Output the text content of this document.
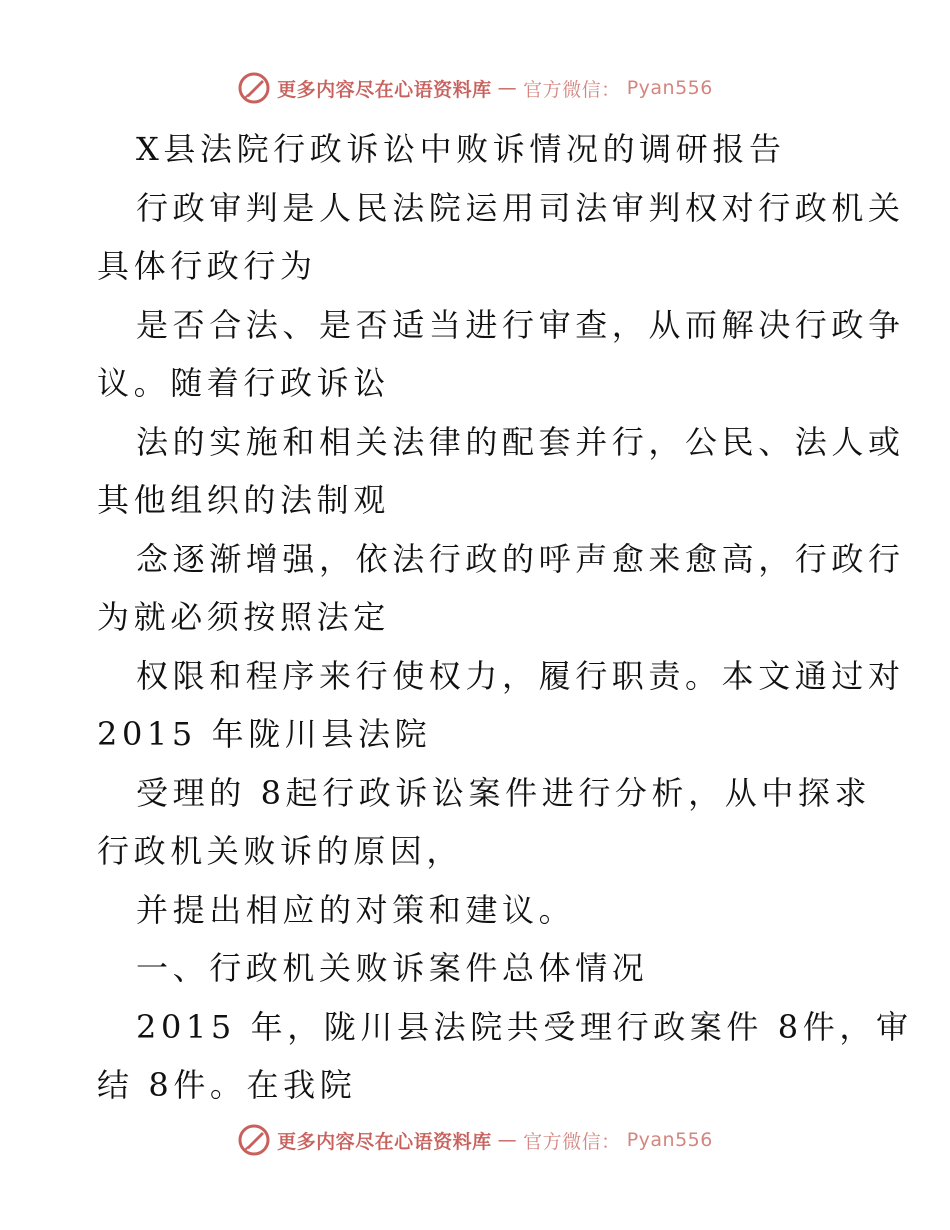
更多内容尽在心语资料库 — 官方微信： Pyan556
X县法院行政诉讼中败诉情况的调研报告
行政审判是人民法院运用司法审判权对行政机关
具体行政行为
是否合法、是否适当进行审查，从而解决行政争
议。随着行政诉讼
法的实施和相关法律的配套并行，公民、法人或
其他组织的法制观
念逐渐增强，依法行政的呼声愈来愈高，行政行
为就必须按照法定
权限和程序来行使权力，履行职责。本文通过对
2015 年陇川县法院
受理的 8起行政诉讼案件进行分析，从中探求
行政机关败诉的原因，
并提出相应的对策和建议。
一、行政机关败诉案件总体情况
2015 年，陇川县法院共受理行政案件 8件，审
结 8件。在我院
更多内容尽在心语资料库 — 官方微信： Pyan556
